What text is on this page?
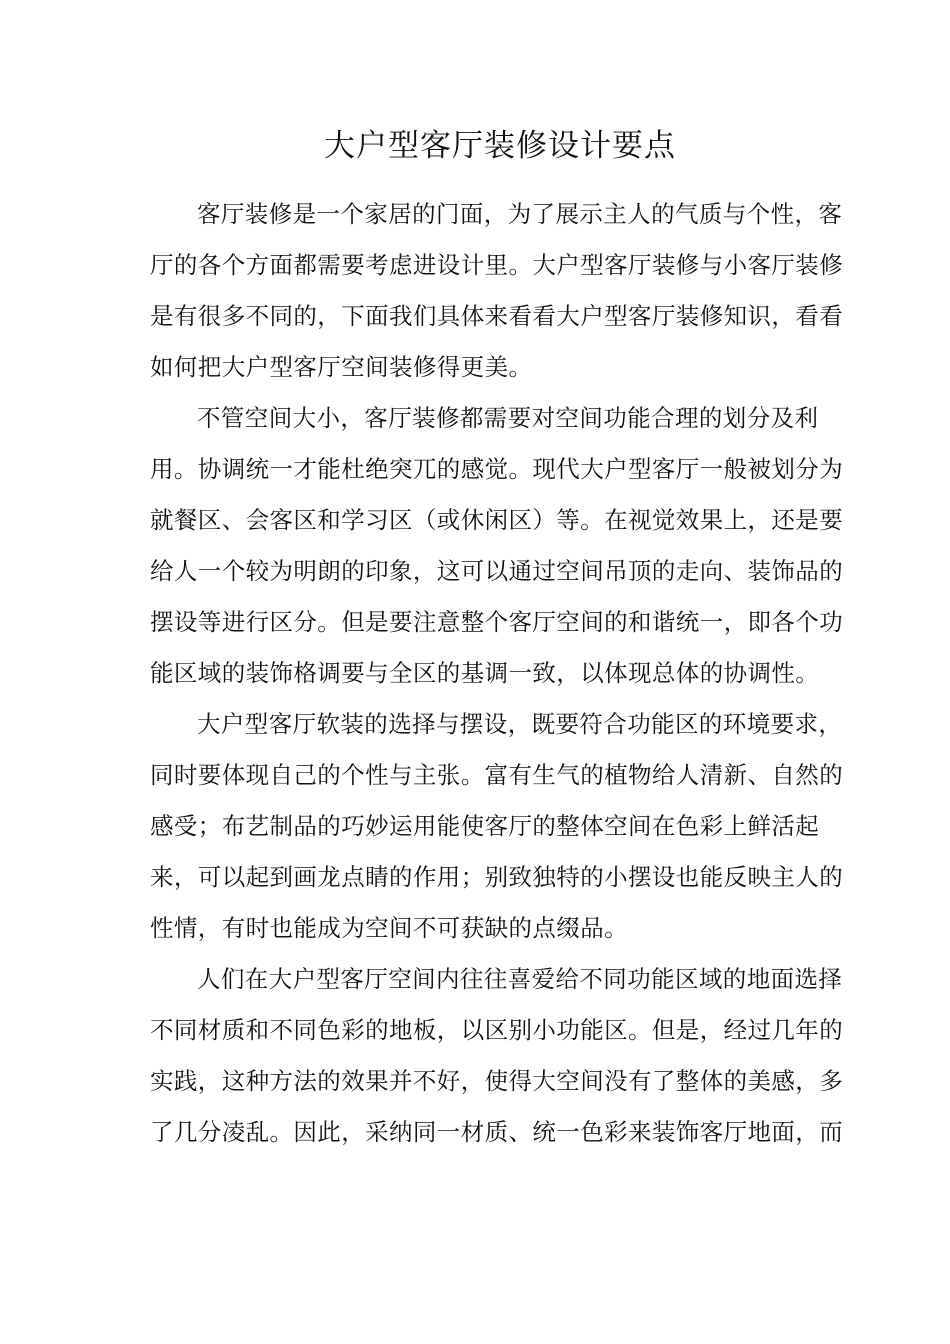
大户型客厅装修设计要点
客厅装修是一个家居的门面，为了展示主人的气质与个性，客
厅的各个方面都需要考虑进设计里。大户型客厅装修与小客厅装修
是有很多不同的，下面我们具体来看看大户型客厅装修知识，看看
如何把大户型客厅空间装修得更美。
不管空间大小，客厅装修都需要对空间功能合理的划分及利
用。协调统一才能杜绝突兀的感觉。现代大户型客厅一般被划分为
就餐区、会客区和学习区（或休闲区）等。在视觉效果上，还是要
给人一个较为明朗的印象，这可以通过空间吊顶的走向、装饰品的
摆设等进行区分。但是要注意整个客厅空间的和谐统一，即各个功
能区域的装饰格调要与全区的基调一致，以体现总体的协调性。
大户型客厅软装的选择与摆设，既要符合功能区的环境要求，
同时要体现自己的个性与主张。富有生气的植物给人清新、自然的
感受；布艺制品的巧妙运用能使客厅的整体空间在色彩上鲜活起
来，可以起到画龙点睛的作用；别致独特的小摆设也能反映主人的
性情，有时也能成为空间不可获缺的点缀品。
人们在大户型客厅空间内往往喜爱给不同功能区域的地面选择
不同材质和不同色彩的地板，以区别小功能区。但是，经过几年的
实践，这种方法的效果并不好，使得大空间没有了整体的美感，多
了几分凌乱。因此，采纳同一材质、统一色彩来装饰客厅地面，而
